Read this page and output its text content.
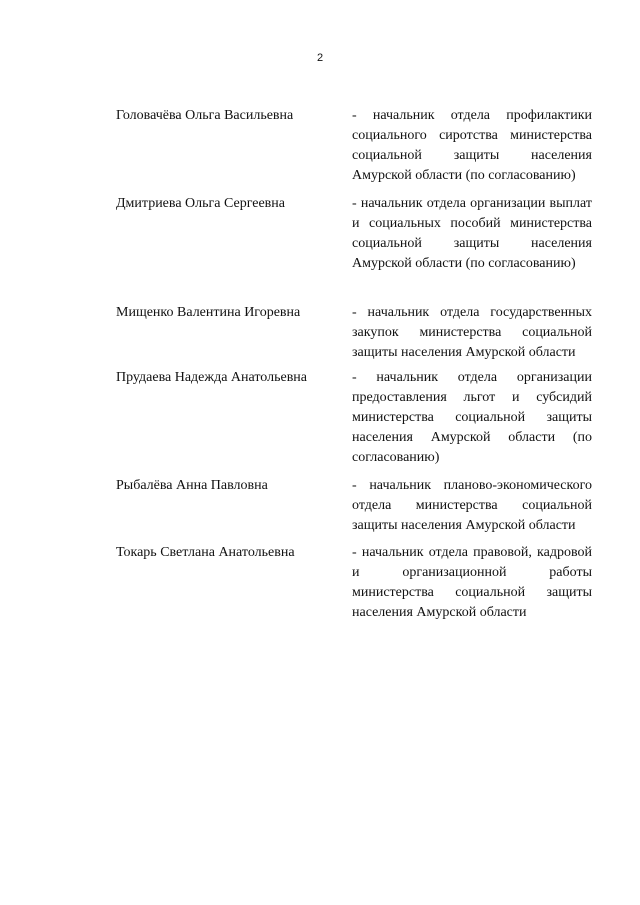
2
Головачёва Ольга Васильевна	- начальник отдела профилактики социального сиротства министерства социальной защиты населения Амурской области (по согласованию)
Дмитриева Ольга Сергеевна	- начальник отдела организации выплат и социальных пособий министерства социальной защиты населения Амурской области (по согласованию)
Мищенко Валентина Игоревна	- начальник отдела государственных закупок министерства социальной защиты населения Амурской области
Прудаева Надежда Анатольевна	- начальник отдела организации предоставления льгот и субсидий министерства социальной защиты населения Амурской области (по согласованию)
Рыбалёва Анна Павловна	- начальник планово-экономического отдела министерства социальной защиты населения Амурской области
Токарь Светлана Анатольевна	- начальник отдела правовой, кадровой и организационной работы министерства социальной защиты населения Амурской области
